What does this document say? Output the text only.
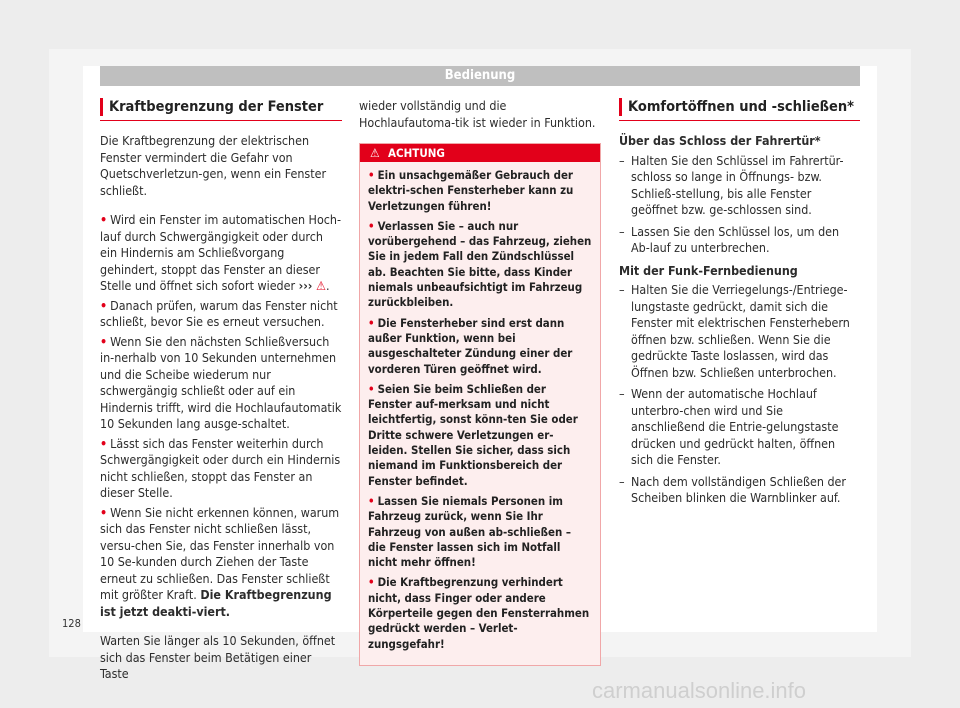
Bedienung
Kraftbegrenzung der Fenster

Die Kraftbegrenzung der elektrischen Fenster vermindert die Gefahr von Quetschverletzun-gen, wenn ein Fenster schließt.

• Wird ein Fenster im automatischen Hoch-lauf durch Schwergängigkeit oder durch ein Hindernis am Schließvorgang gehindert, stoppt das Fenster an dieser Stelle und öffnet sich sofort wieder ››› ⚠.

• Danach prüfen, warum das Fenster nicht schließt, bevor Sie es erneut versuchen.

• Wenn Sie den nächsten Schließversuch in-nerhalb von 10 Sekunden unternehmen und die Scheibe wiederum nur schwergängig schließt oder auf ein Hindernis trifft, wird die Hochlaufautomatik 10 Sekunden lang ausge-schaltet.

• Lässt sich das Fenster weiterhin durch Schwergängigkeit oder durch ein Hindernis nicht schließen, stoppt das Fenster an dieser Stelle.

• Wenn Sie nicht erkennen können, warum sich das Fenster nicht schließen lässt, versu-chen Sie, das Fenster innerhalb von 10 Se-kunden durch Ziehen der Taste erneut zu schließen. Das Fenster schließt mit größter Kraft. Die Kraftbegrenzung ist jetzt deakti-viert.

Warten Sie länger als 10 Sekunden, öffnet sich das Fenster beim Betätigen einer Taste

wieder vollständig und die Hochlaufautoma-tik ist wieder in Funktion.

⚠ ACHTUNG
• Ein unsachgemäßer Gebrauch der elektri-schen Fensterheber kann zu Verletzungen führen!
• Verlassen Sie – auch nur vorübergehend – das Fahrzeug, ziehen Sie in jedem Fall den Zündschlüssel ab. Beachten Sie bitte, dass Kinder niemals unbeaufsichtigt im Fahrzeug zurückbleiben.
• Die Fensterheber sind erst dann außer Funktion, wenn bei ausgeschalteter Zündung einer der vorderen Türen geöffnet wird.
• Seien Sie beim Schließen der Fenster auf-merksam und nicht leichtfertig, sonst könn-ten Sie oder Dritte schwere Verletzungen er-leiden. Stellen Sie sicher, dass sich niemand im Funktionsbereich der Fenster befindet.
• Lassen Sie niemals Personen im Fahrzeug zurück, wenn Sie Ihr Fahrzeug von außen ab-schließen – die Fenster lassen sich im Notfall nicht mehr öffnen!
• Die Kraftbegrenzung verhindert nicht, dass Finger oder andere Körperteile gegen den Fensterrahmen gedrückt werden – Verlet-zungsgefahr!
Komfortöffnen und -schließen*
Über das Schloss der Fahrertür*
– Halten Sie den Schlüssel im Fahrertür-schloss so lange in Öffnungs- bzw. Schließ-stellung, bis alle Fenster geöffnet bzw. ge-schlossen sind.
– Lassen Sie den Schlüssel los, um den Ab-lauf zu unterbrechen.
Mit der Funk-Fernbedienung
– Halten Sie die Verriegelungs-/Entriege-lungstaste gedrückt, damit sich die Fenster mit elektrischen Fensterhebern öffnen bzw. schließen. Wenn Sie die gedrückte Taste loslassen, wird das Öffnen bzw. Schließen unterbrochen.
– Wenn der automatische Hochlauf unterbro-chen wird und Sie anschließend die Entrie-gelungstaste drücken und gedrückt halten, öffnen sich die Fenster.
– Nach dem vollständigen Schließen der Scheiben blinken die Warnblinker auf.
128
carmanualsonline.info
